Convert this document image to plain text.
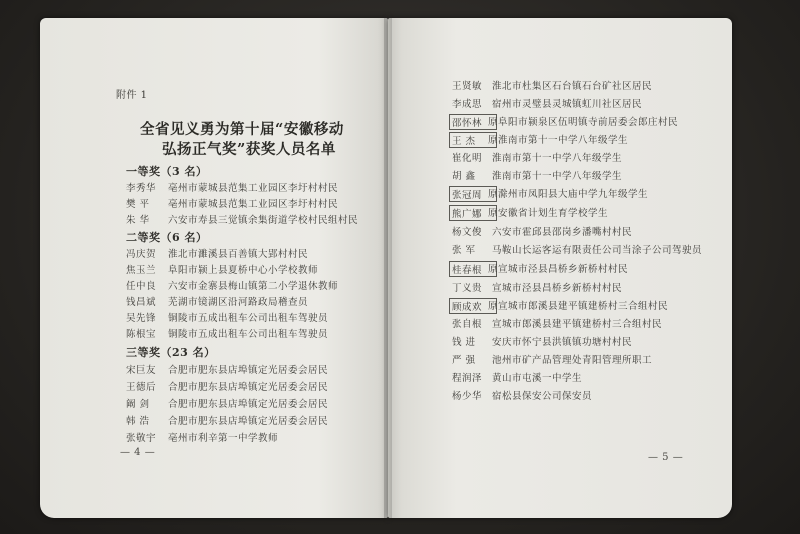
附件 1
全省见义勇为第十届“安徽移动
弘扬正气奖”获奖人员名单
一等奖（3 名）
李秀华	亳州市蒙城县范集工业园区李圩村村民
樊 平	亳州市蒙城县范集工业园区李圩村村民
朱 华	六安市寿县三觉镇余集街道学校村民组村民
二等奖（6 名）
冯庆贺	淮北市濉溪县百善镇大郢村村民
焦玉兰	阜阳市颍上县夏桥中心小学校教师
任中良	六安市金寨县梅山镇第二小学退休教师
钱昌斌	芜湖市镜湖区沿河路政局稽查员
吴先锋	铜陵市五成出租车公司出租车驾驶员
陈根宝	铜陵市五成出租车公司出租车驾驶员
三等奖（23 名）
宋巨友	合肥市肥东县店埠镇定光居委会居民
王德后	合肥市肥东县店埠镇定光居委会居民
阚 剑	合肥市肥东县店埠镇定光居委会居民
韩 浩	合肥市肥东县店埠镇定光居委会居民
张敬宇	亳州市利辛第一中学教师
— 4 —
王贤敏	淮北市杜集区石台镇石台矿社区居民
李成思	宿州市灵璧县灵城镇虹川社区居民
邵怀林 原阜阳市颍泉区伍明镇寺前居委会郎庄村民
王 杰	原淮南市第十一中学八年级学生
崔化明	淮南市第十一中学八年级学生
胡 鑫	淮南市第十一中学八年级学生
张冠周 原滁州市凤阳县大庙中学九年级学生
熊广娜 原安徽省计划生育学校学生
杨文俊	六安市霍邱县邵岗乡潘嘴村村民
张 军	马鞍山长运客运有限责任公司当涂子公司驾驶员
桂春根 原宣城市泾县昌桥乡新桥村村民
丁义贵	宣城市泾县昌桥乡新桥村村民
顾成欢 原宣城市郎溪县建平镇建桥村三合组村民
张自根	宣城市郎溪县建平镇建桥村三合组村民
钱 进	安庆市怀宁县洪镇镇功塘村村民
严 强	池州市矿产品管理处青阳管理所职工
程润泽	黄山市屯溪一中学生
杨少华	宿松县保安公司保安员
— 5 —
